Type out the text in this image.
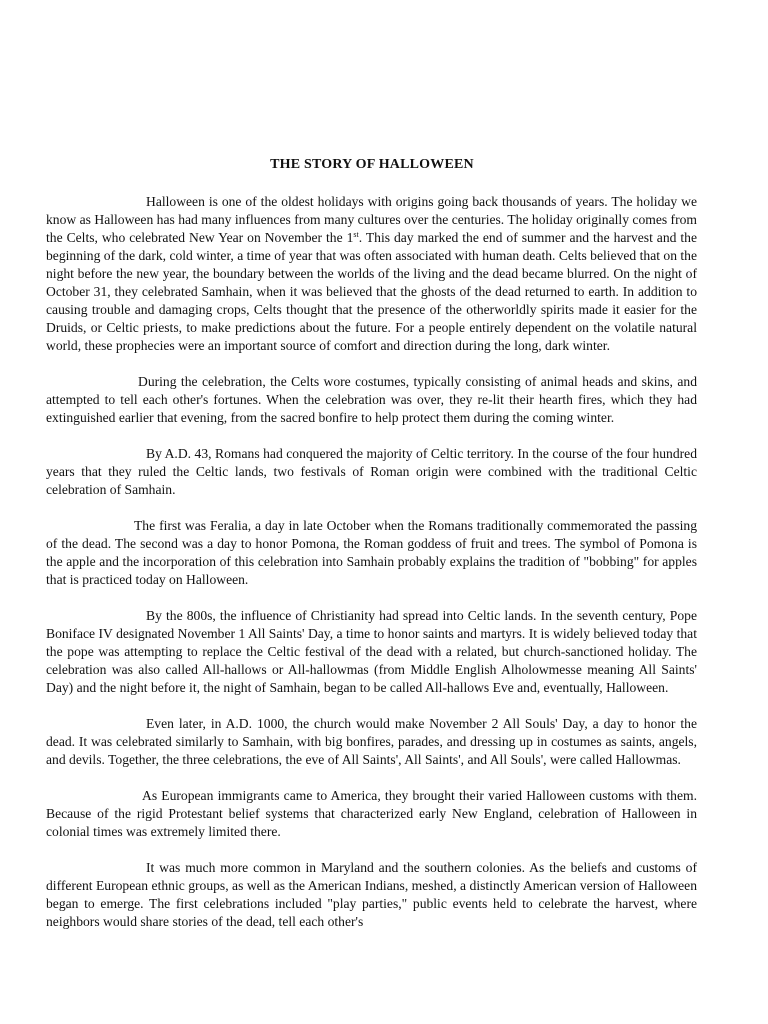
THE STORY OF HALLOWEEN

Halloween is one of the oldest holidays with origins going back thousands of years. The holiday we know as Halloween has had many influences from many cultures over the centuries. The holiday originally comes from the Celts, who celebrated New Year on November the 1st. This day marked the end of summer and the harvest and the beginning of the dark, cold winter, a time of year that was often associated with human death. Celts believed that on the night before the new year, the boundary between the worlds of the living and the dead became blurred. On the night of October 31, they celebrated Samhain, when it was believed that the ghosts of the dead returned to earth. In addition to causing trouble and damaging crops, Celts thought that the presence of the otherworldly spirits made it easier for the Druids, or Celtic priests, to make predictions about the future. For a people entirely dependent on the volatile natural world, these prophecies were an important source of comfort and direction during the long, dark winter.

During the celebration, the Celts wore costumes, typically consisting of animal heads and skins, and attempted to tell each other's fortunes. When the celebration was over, they re-lit their hearth fires, which they had extinguished earlier that evening, from the sacred bonfire to help protect them during the coming winter.

By A.D. 43, Romans had conquered the majority of Celtic territory. In the course of the four hundred years that they ruled the Celtic lands, two festivals of Roman origin were combined with the traditional Celtic celebration of Samhain.

The first was Feralia, a day in late October when the Romans traditionally commemorated the passing of the dead. The second was a day to honor Pomona, the Roman goddess of fruit and trees. The symbol of Pomona is the apple and the incorporation of this celebration into Samhain probably explains the tradition of "bobbing" for apples that is practiced today on Halloween.

By the 800s, the influence of Christianity had spread into Celtic lands. In the seventh century, Pope Boniface IV designated November 1 All Saints' Day, a time to honor saints and martyrs. It is widely believed today that the pope was attempting to replace the Celtic festival of the dead with a related, but church-sanctioned holiday. The celebration was also called All-hallows or All-hallowmas (from Middle English Alholowmesse meaning All Saints' Day) and the night before it, the night of Samhain, began to be called All-hallows Eve and, eventually, Halloween.

Even later, in A.D. 1000, the church would make November 2 All Souls' Day, a day to honor the dead. It was celebrated similarly to Samhain, with big bonfires, parades, and dressing up in costumes as saints, angels, and devils. Together, the three celebrations, the eve of All Saints', All Saints', and All Souls', were called Hallowmas.

As European immigrants came to America, they brought their varied Halloween customs with them. Because of the rigid Protestant belief systems that characterized early New England, celebration of Halloween in colonial times was extremely limited there.

It was much more common in Maryland and the southern colonies. As the beliefs and customs of different European ethnic groups, as well as the American Indians, meshed, a distinctly American version of Halloween began to emerge. The first celebrations included "play parties," public events held to celebrate the harvest, where neighbors would share stories of the dead, tell each other's
